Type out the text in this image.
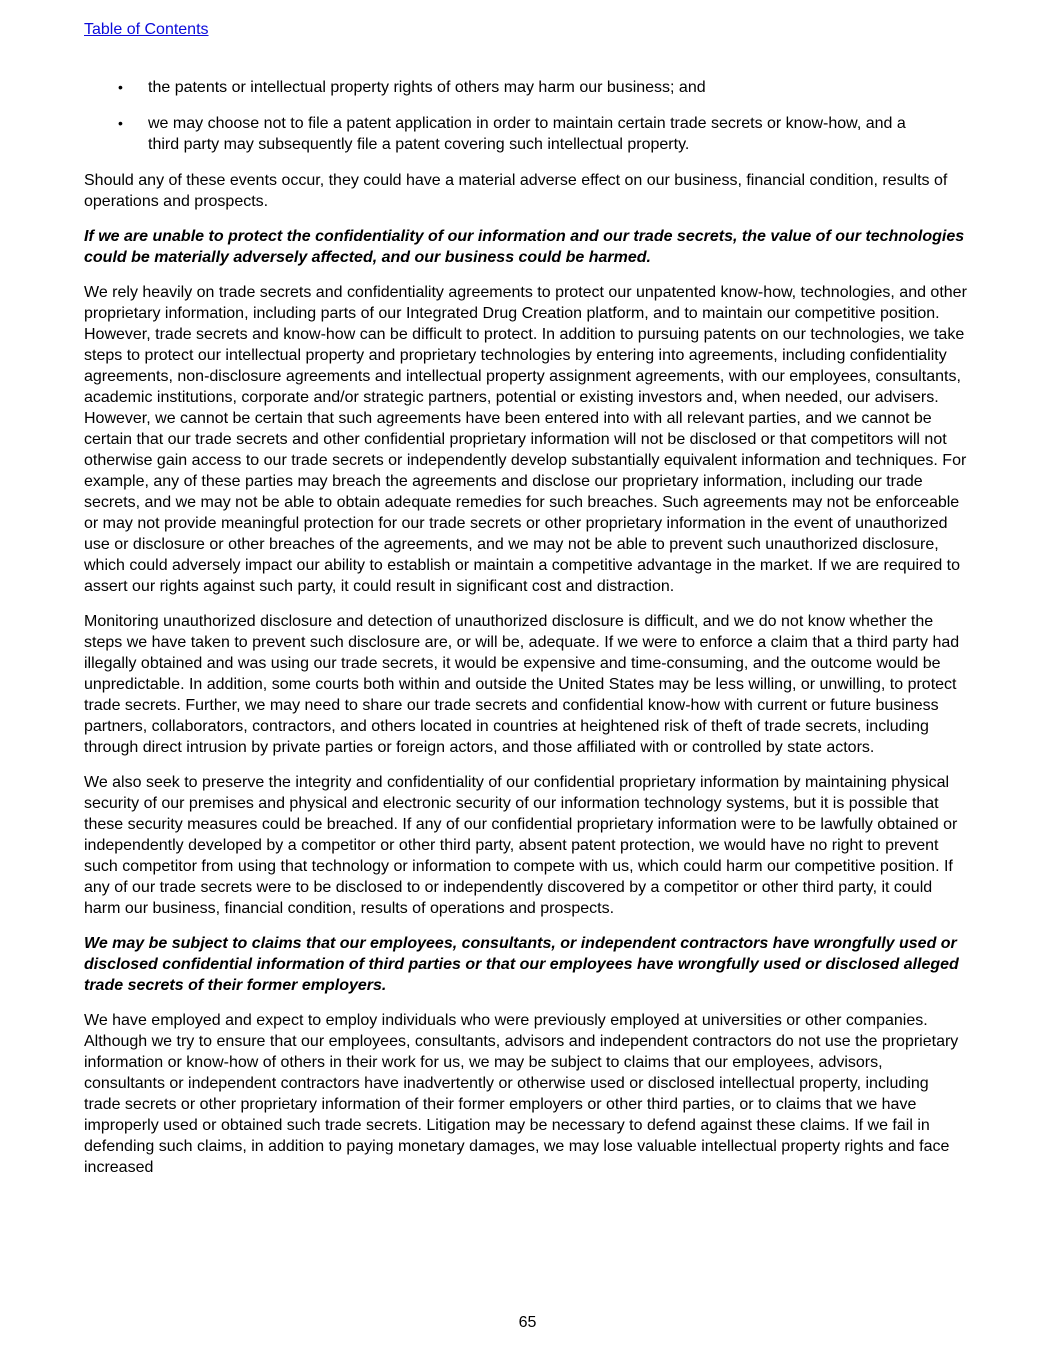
Table of Contents
•	the patents or intellectual property rights of others may harm our business; and
•	we may choose not to file a patent application in order to maintain certain trade secrets or know-how, and a third party may subsequently file a patent covering such intellectual property.

Should any of these events occur, they could have a material adverse effect on our business, financial condition, results of operations and prospects.

If we are unable to protect the confidentiality of our information and our trade secrets, the value of our technologies could be materially adversely affected, and our business could be harmed.

We rely heavily on trade secrets and confidentiality agreements to protect our unpatented know-how, technologies, and other proprietary information, including parts of our Integrated Drug Creation platform, and to maintain our competitive position. However, trade secrets and know-how can be difficult to protect. In addition to pursuing patents on our technologies, we take steps to protect our intellectual property and proprietary technologies by entering into agreements, including confidentiality agreements, non-disclosure agreements and intellectual property assignment agreements, with our employees, consultants, academic institutions, corporate and/or strategic partners, potential or existing investors and, when needed, our advisers. However, we cannot be certain that such agreements have been entered into with all relevant parties, and we cannot be certain that our trade secrets and other confidential proprietary information will not be disclosed or that competitors will not otherwise gain access to our trade secrets or independently develop substantially equivalent information and techniques. For example, any of these parties may breach the agreements and disclose our proprietary information, including our trade secrets, and we may not be able to obtain adequate remedies for such breaches. Such agreements may not be enforceable or may not provide meaningful protection for our trade secrets or other proprietary information in the event of unauthorized use or disclosure or other breaches of the agreements, and we may not be able to prevent such unauthorized disclosure, which could adversely impact our ability to establish or maintain a competitive advantage in the market. If we are required to assert our rights against such party, it could result in significant cost and distraction.

Monitoring unauthorized disclosure and detection of unauthorized disclosure is difficult, and we do not know whether the steps we have taken to prevent such disclosure are, or will be, adequate. If we were to enforce a claim that a third party had illegally obtained and was using our trade secrets, it would be expensive and time-consuming, and the outcome would be unpredictable. In addition, some courts both within and outside the United States may be less willing, or unwilling, to protect trade secrets. Further, we may need to share our trade secrets and confidential know-how with current or future business partners, collaborators, contractors, and others located in countries at heightened risk of theft of trade secrets, including through direct intrusion by private parties or foreign actors, and those affiliated with or controlled by state actors.

We also seek to preserve the integrity and confidentiality of our confidential proprietary information by maintaining physical security of our premises and physical and electronic security of our information technology systems, but it is possible that these security measures could be breached. If any of our confidential proprietary information were to be lawfully obtained or independently developed by a competitor or other third party, absent patent protection, we would have no right to prevent such competitor from using that technology or information to compete with us, which could harm our competitive position. If any of our trade secrets were to be disclosed to or independently discovered by a competitor or other third party, it could harm our business, financial condition, results of operations and prospects.

We may be subject to claims that our employees, consultants, or independent contractors have wrongfully used or disclosed confidential information of third parties or that our employees have wrongfully used or disclosed alleged trade secrets of their former employers.

We have employed and expect to employ individuals who were previously employed at universities or other companies. Although we try to ensure that our employees, consultants, advisors and independent contractors do not use the proprietary information or know-how of others in their work for us, we may be subject to claims that our employees, advisors, consultants or independent contractors have inadvertently or otherwise used or disclosed intellectual property, including trade secrets or other proprietary information of their former employers or other third parties, or to claims that we have improperly used or obtained such trade secrets. Litigation may be necessary to defend against these claims. If we fail in defending such claims, in addition to paying monetary damages, we may lose valuable intellectual property rights and face increased

65
